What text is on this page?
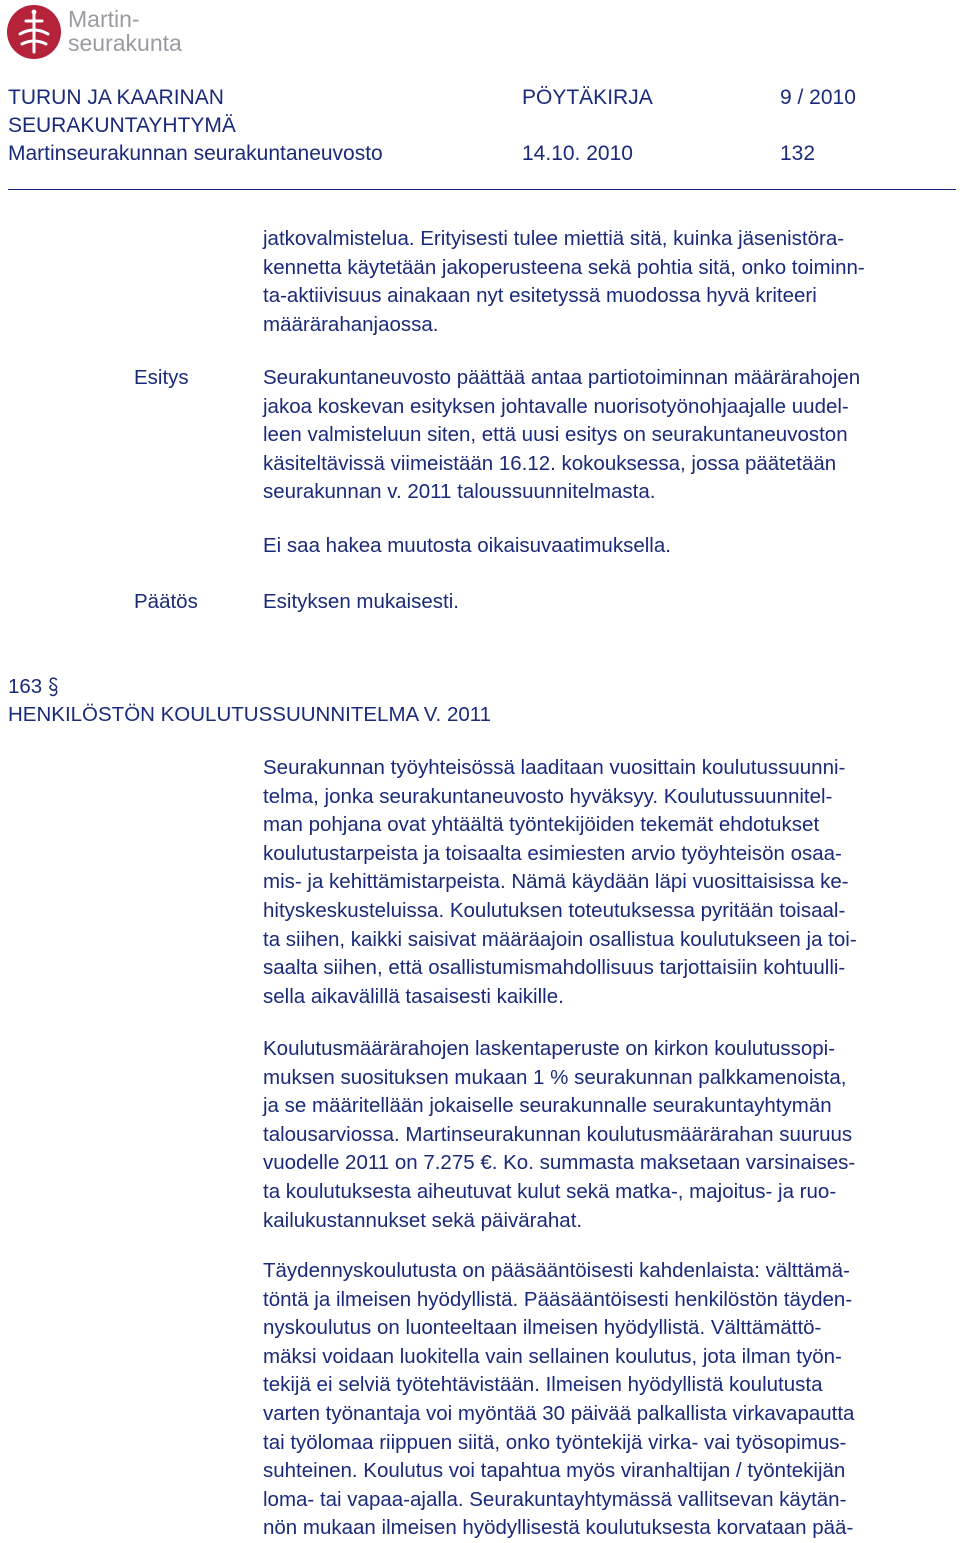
Martin-
seurakunta
TURUN JA KAARINAN
SEURAKUNTAYHTYMÄ
Martinseurakunnan seurakuntaneuvosto
PÖYTÄKIRJA	9 / 2010
14.10. 2010	132
jatkovalmistelua. Erityisesti tulee miettiä sitä, kuinka jäsenistöra-
kennetta käytetään jakoperusteena sekä pohtia sitä, onko toiminn-
ta-aktiivisuus ainakaan nyt esitetyssä muodossa hyvä kriteeri
määrärahanjaossa.
Esitys	Seurakuntaneuvosto päättää antaa partiotoiminnan määrärahojen
jakoa koskevan esityksen johtavalle nuorisotyönohjaajalle uudel-
leen valmisteluun siten, että uusi esitys on seurakuntaneuvoston
käsiteltävissä viimeistään 16.12. kokouksessa, jossa päätetään
seurakunnan v. 2011 taloussuunnitelmasta.
Ei saa hakea muutosta oikaisuvaatimuksella.
Päätös	Esityksen mukaisesti.
163
HENKILÖSTÖN KOULUTUSSUUNNITELMA V. 2011
Seurakunnan työyhteisössä laaditaan vuosittain koulutussuunni-
telma, jonka seurakuntaneuvosto hyväksyy. Koulutussuunnitel-
man pohjana ovat yhtäältä työntekijöiden tekemät ehdotukset
koulutustarpeista ja toisaalta esimiesten arvio työyhteisön osaa-
mis- ja kehittämistarpeista. Nämä käydään läpi vuosittaisissa ke-
hityskeskusteluissa. Koulutuksen toteutuksessa pyritään toisaal-
ta siihen, kaikki saisivat määräajoin osallistua koulutukseen ja toi-
saalta siihen, että osallistumismahdollisuus tarjottaisiin kohtuulli-
sella aikavälillä tasaisesti kaikille.
Koulutusmäärärahojen laskentaperuste on kirkon koulutussopi-
muksen suosituksen mukaan 1 % seurakunnan palkkamenoista,
ja se määritellään jokaiselle seurakunnalle seurakuntayhtymän
talousarviossa. Martinseurakunnan koulutusmäärärahan suuruus
vuodelle 2011 on 7.275 €. Ko. summasta maksetaan varsinaises-
ta koulutuksesta aiheutuvat kulut sekä matka-, majoitus- ja ruo-
kailukustannukset sekä päivärahat.
Täydennyskoulutusta on pääsääntöisesti kahdenlaista: välttämä-
töntä ja ilmeisen hyödyllistä. Pääsääntöisesti henkilöstön täyden-
nyskoulutus on luonteeltaan ilmeisen hyödyllistä. Välttämättö-
mäksi voidaan luokitella vain sellainen koulutus, jota ilman työn-
tekijä ei selviä työtehtävistään. Ilmeisen hyödyllistä koulutusta
varten työnantaja voi myöntää 30 päivää palkallista virkavapautta
tai työlomaa riippuen siitä, onko työntekijä virka- vai työsopimus-
suhteinen. Koulutus voi tapahtua myös viranhaltijan / työntekijän
loma- tai vapaa-ajalla. Seurakuntayhtymässä vallitsevan käytän-
nön mukaan ilmeisen hyödyllisestä koulutuksesta korvataan pää-
